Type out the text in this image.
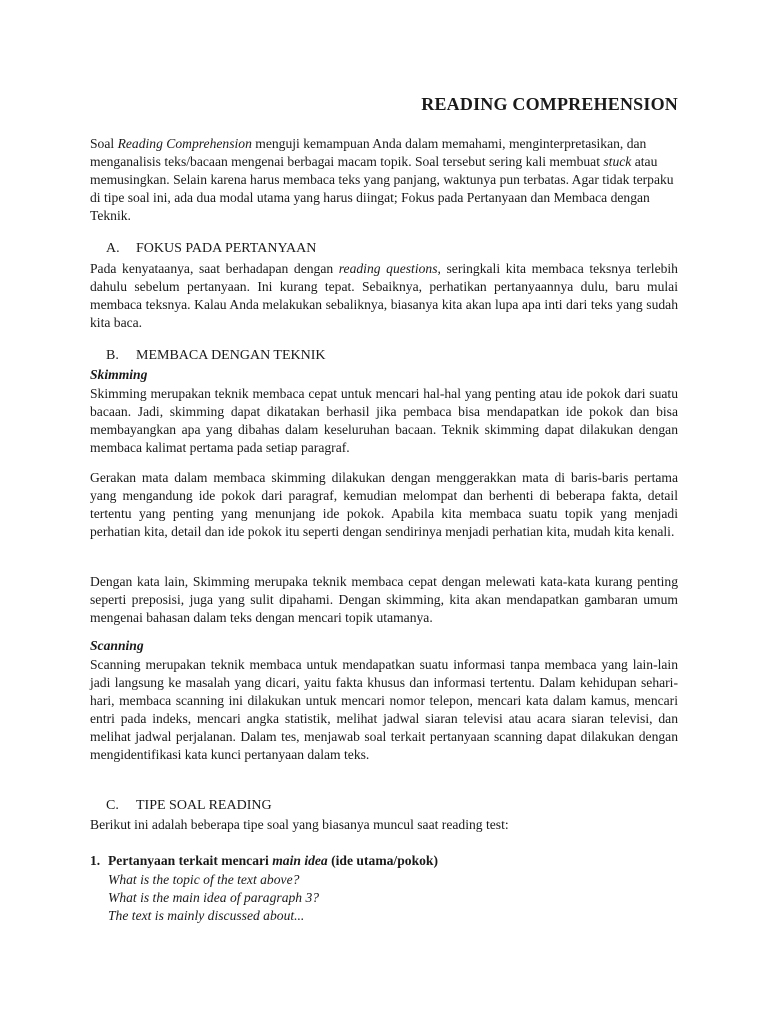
READING COMPREHENSION

Soal Reading Comprehension menguji kemampuan Anda dalam memahami, menginterpretasikan, dan menganalisis teks/bacaan mengenai berbagai macam topik. Soal tersebut sering kali membuat stuck atau memusingkan. Selain karena harus membaca teks yang panjang, waktunya pun terbatas. Agar tidak terpaku di tipe soal ini, ada dua modal utama yang harus diingat; Fokus pada Pertanyaan dan Membaca dengan Teknik.

A. FOKUS PADA PERTANYAAN

Pada kenyataanya, saat berhadapan dengan reading questions, seringkali kita membaca teksnya terlebih dahulu sebelum pertanyaan. Ini kurang tepat. Sebaiknya, perhatikan pertanyaannya dulu, baru mulai membaca teksnya. Kalau Anda melakukan sebaliknya, biasanya kita akan lupa apa inti dari teks yang sudah kita baca.

B. MEMBACA DENGAN TEKNIK
Skimming

Skimming merupakan teknik membaca cepat untuk mencari hal-hal yang penting atau ide pokok dari suatu bacaan. Jadi, skimming dapat dikatakan berhasil jika pembaca bisa mendapatkan ide pokok dan bisa membayangkan apa yang dibahas dalam keseluruhan bacaan. Teknik skimming dapat dilakukan dengan membaca kalimat pertama pada setiap paragraf.

Gerakan mata dalam membaca skimming dilakukan dengan menggerakkan mata di baris-baris pertama yang mengandung ide pokok dari paragraf, kemudian melompat dan berhenti di beberapa fakta, detail tertentu yang penting yang menunjang ide pokok. Apabila kita membaca suatu topik yang menjadi perhatian kita, detail dan ide pokok itu seperti dengan sendirinya menjadi perhatian kita, mudah kita kenali.

Dengan kata lain, Skimming merupaka teknik membaca cepat dengan melewati kata-kata kurang penting seperti preposisi, juga yang sulit dipahami. Dengan skimming, kita akan mendapatkan gambaran umum mengenai bahasan dalam teks dengan mencari topik utamanya.

Scanning

Scanning merupakan teknik membaca untuk mendapatkan suatu informasi tanpa membaca yang lain-lain jadi langsung ke masalah yang dicari, yaitu fakta khusus dan informasi tertentu. Dalam kehidupan sehari-hari, membaca scanning ini dilakukan untuk mencari nomor telepon, mencari kata dalam kamus, mencari entri pada indeks, mencari angka statistik, melihat jadwal siaran televisi atau acara siaran televisi, dan melihat jadwal perjalanan. Dalam tes, menjawab soal terkait pertanyaan scanning dapat dilakukan dengan mengidentifikasi kata kunci pertanyaan dalam teks.

C. TIPE SOAL READING

Berikut ini adalah beberapa tipe soal yang biasanya muncul saat reading test:

1. Pertanyaan terkait mencari main idea (ide utama/pokok)
What is the topic of the text above?
What is the main idea of paragraph 3?
The text is mainly discussed about...
